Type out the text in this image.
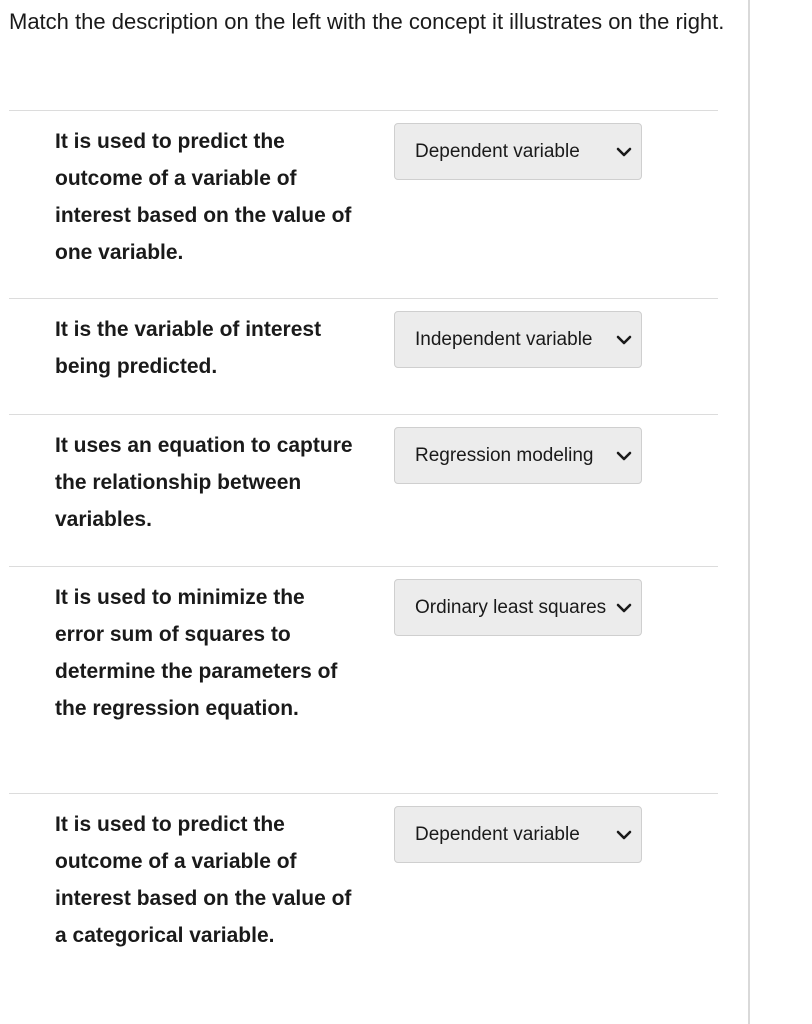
Match the description on the left with the concept it illustrates on the right.
It is used to predict the outcome of a variable of interest based on the value of one variable.
Dependent variable
It is the variable of interest being predicted.
Independent variable
It uses an equation to capture the relationship between variables.
Regression modeling
It is used to minimize the error sum of squares to determine the parameters of the regression equation.
Ordinary least squares
It is used to predict the outcome of a variable of interest based on the value of a categorical variable.
Dependent variable
